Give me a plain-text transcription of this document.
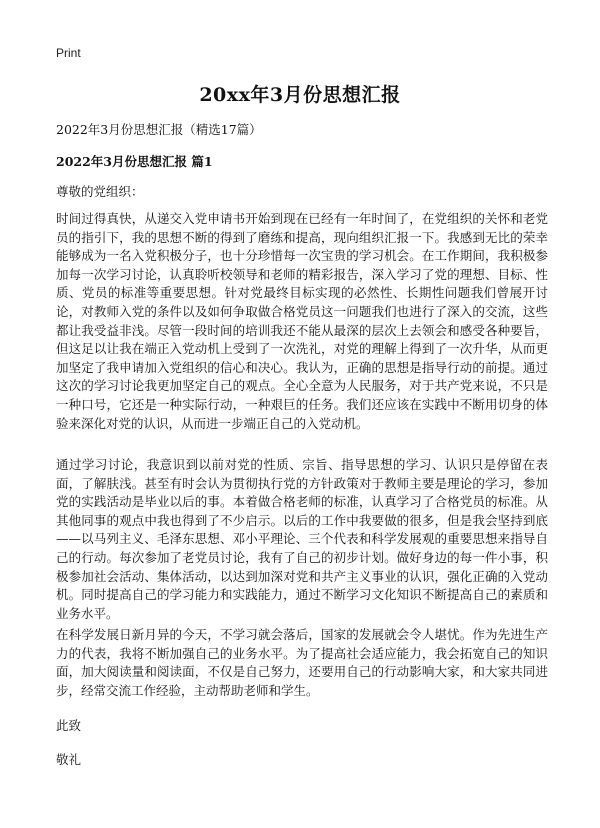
Print
20xx年3月份思想汇报

2022年3月份思想汇报（精选17篇）

2022年3月份思想汇报 篇1

尊敬的党组织：

时间过得真快，从递交入党申请书开始到现在已经有一年时间了，在党组织的关怀和老党员的指引下，我的思想不断的得到了磨练和提高，现向组织汇报一下。我感到无比的荣幸能够成为一名入党积极分子，也十分珍惜每一次宝贵的学习机会。在工作期间，我积极参加每一次学习讨论，认真聆听校领导和老师的精彩报告，深入学习了党的理想、目标、性质、党员的标准等重要思想。针对党最终目标实现的必然性、长期性问题我们曾展开讨论，对教师入党的条件以及如何争取做合格党员这一问题我们也进行了深入的交流，这些都让我受益非浅。尽管一段时间的培训我还不能从最深的层次上去领会和感受各种要旨，但这足以让我在端正入党动机上受到了一次洗礼，对党的理解上得到了一次升华，从而更加坚定了我申请加入党组织的信心和决心。我认为，正确的思想是指导行动的前提。通过这次的学习讨论我更加坚定自己的观点。全心全意为人民服务，对于共产党来说，不只是一种口号，它还是一种实际行动，一种艰巨的任务。我们还应该在实践中不断用切身的体验来深化对党的认识，从而进一步端正自己的入党动机。

通过学习讨论，我意识到以前对党的性质、宗旨、指导思想的学习、认识只是停留在表面，了解肤浅。甚至有时会认为贯彻执行党的方针政策对于教师主要是理论的学习，参加党的实践活动是毕业以后的事。本着做合格老师的标准，认真学习了合格党员的标准。从其他同事的观点中我也得到了不少启示。以后的工作中我要做的很多，但是我会坚持到底——以马列主义、毛泽东思想、邓小平理论、三个代表和科学发展观的重要思想来指导自己的行动。每次参加了老党员讨论，我有了自己的初步计划。做好身边的每一件小事，积极参加社会活动、集体活动，以达到加深对党和共产主义事业的认识，强化正确的入党动机。同时提高自己的学习能力和实践能力，通过不断学习文化知识不断提高自己的素质和业务水平。

在科学发展日新月异的今天，不学习就会落后，国家的发展就会令人堪忧。作为先进生产力的代表，我将不断加强自己的业务水平。为了提高社会适应能力，我会拓宽自己的知识面，加大阅读量和阅读面，不仅是自己努力，还要用自己的行动影响大家，和大家共同进步，经常交流工作经验，主动帮助老师和学生。

此致

敬礼
